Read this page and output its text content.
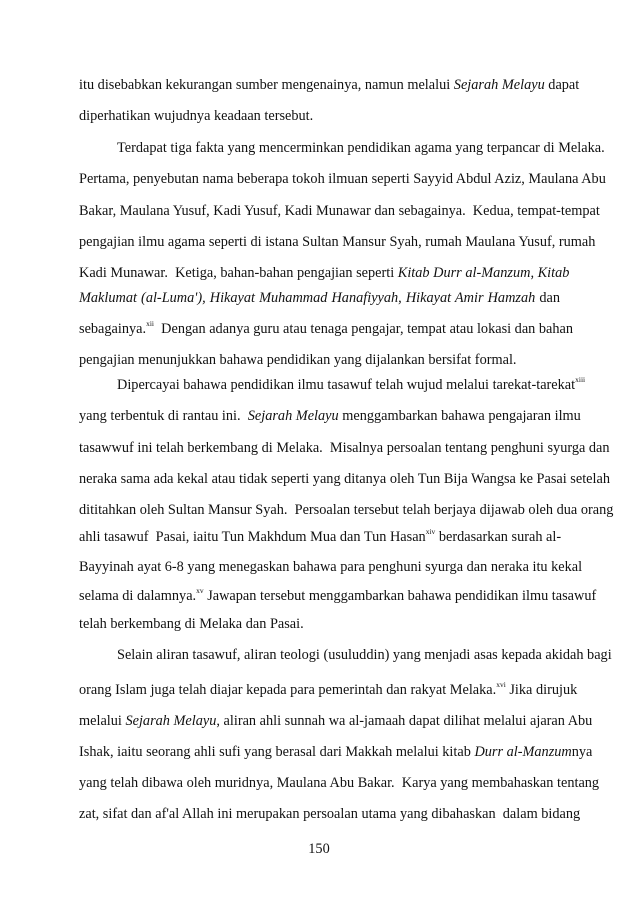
itu disebabkan kekurangan sumber mengenainya, namun melalui Sejarah Melayu dapat
diperhatikan wujudnya keadaan tersebut.
Terdapat tiga fakta yang mencerminkan pendidikan agama yang terpancar di Melaka.
Pertama, penyebutan nama beberapa tokoh ilmuan seperti Sayyid Abdul Aziz, Maulana Abu
Bakar, Maulana Yusuf, Kadi Yusuf, Kadi Munawar dan sebagainya.  Kedua, tempat-tempat
pengajian ilmu agama seperti di istana Sultan Mansur Syah, rumah Maulana Yusuf, rumah
Kadi Munawar.  Ketiga, bahan-bahan pengajian seperti Kitab Durr al-Manzum, Kitab
Maklumat (al-Luma'), Hikayat Muhammad Hanafiyyah, Hikayat Amir Hamzah dan
sebagainya.$^{xii}$  Dengan adanya guru atau tenaga pengajar, tempat atau lokasi dan bahan
pengajian menunjukkan bahawa pendidikan yang dijalankan bersifat formal.
Dipercayai bahawa pendidikan ilmu tasawuf telah wujud melalui tarekat-tarekat$^{xiii}$
yang terbentuk di rantau ini.  Sejarah Melayu menggambarkan bahawa pengajaran ilmu
tasawwuf ini telah berkembang di Melaka.  Misalnya persoalan tentang penghuni syurga dan
neraka sama ada kekal atau tidak seperti yang ditanya oleh Tun Bija Wangsa ke Pasai setelah
dititahkan oleh Sultan Mansur Syah.  Persoalan tersebut telah berjaya dijawab oleh dua orang
ahli tasawuf  Pasai, iaitu Tun Makhdum Mua dan Tun Hasan$^{xiv}$ berdasarkan surah al-
Bayyinah ayat 6-8 yang menegaskan bahawa para penghuni syurga dan neraka itu kekal
selama di dalamnya.$^{xv}$ Jawapan tersebut menggambarkan bahawa pendidikan ilmu tasawuf
telah berkembang di Melaka dan Pasai.
Selain aliran tasawuf, aliran teologi (usuluddin) yang menjadi asas kepada akidah bagi
orang Islam juga telah diajar kepada para pemerintah dan rakyat Melaka.$^{xvi}$ Jika dirujuk
melalui Sejarah Melayu, aliran ahli sunnah wa al-jamaah dapat dilihat melalui ajaran Abu
Ishak, iaitu seorang ahli sufi yang berasal dari Makkah melalui kitab Durr al-Manzumnya
yang telah dibawa oleh muridnya, Maulana Abu Bakar.  Karya yang membahaskan tentang
zat, sifat dan af'al Allah ini merupakan persoalan utama yang dibahaskan  dalam bidang
150
